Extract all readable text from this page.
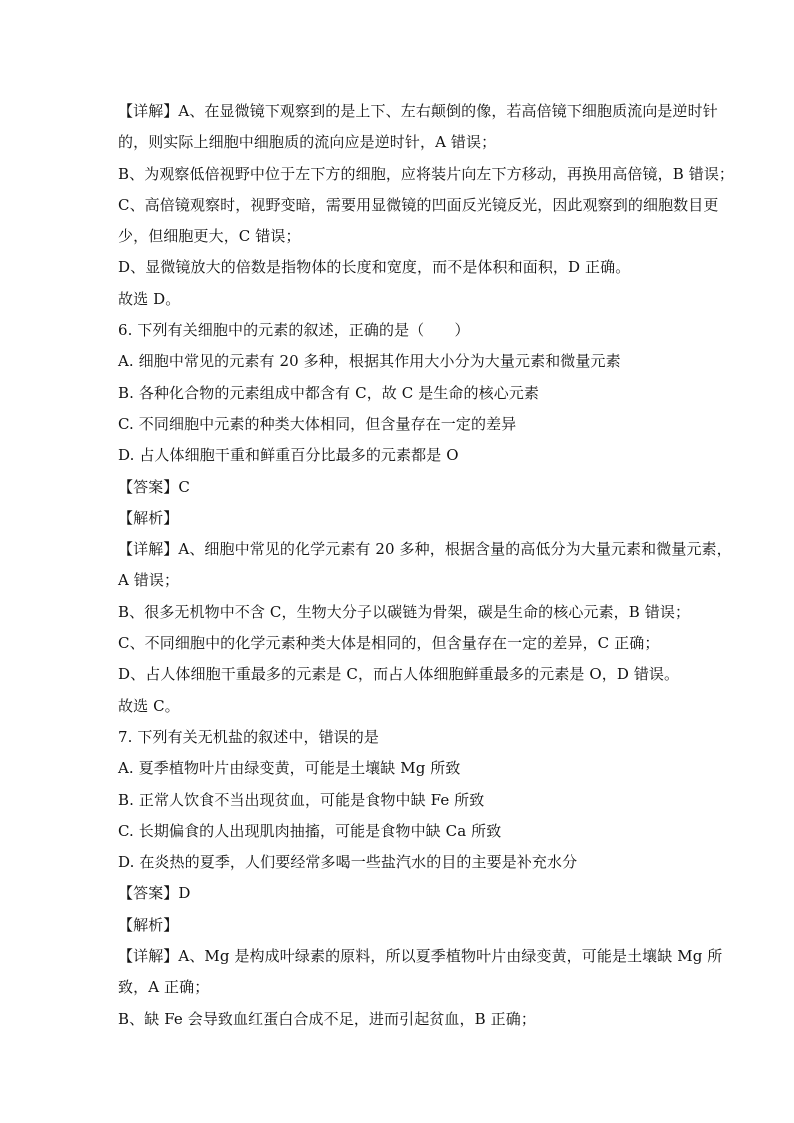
【详解】A、在显微镜下观察到的是上下、左右颠倒的像，若高倍镜下细胞质流向是逆时针
的，则实际上细胞中细胞质的流向应是逆时针，A 错误；
B、为观察低倍视野中位于左下方的细胞，应将装片向左下方移动，再换用高倍镜，B 错误；
C、高倍镜观察时，视野变暗，需要用显微镜的凹面反光镜反光，因此观察到的细胞数目更
少，但细胞更大，C 错误；
D、显微镜放大的倍数是指物体的长度和宽度，而不是体积和面积，D 正确。
故选 D。
6. 下列有关细胞中的元素的叙述，正确的是（　　）
A. 细胞中常见的元素有 20 多种，根据其作用大小分为大量元素和微量元素
B. 各种化合物的元素组成中都含有 C，故 C 是生命的核心元素
C. 不同细胞中元素的种类大体相同，但含量存在一定的差异
D. 占人体细胞干重和鲜重百分比最多的元素都是 O
【答案】C
【解析】
【详解】A、细胞中常见的化学元素有 20 多种，根据含量的高低分为大量元素和微量元素，
A 错误；
B、很多无机物中不含 C，生物大分子以碳链为骨架，碳是生命的核心元素，B 错误；
C、不同细胞中的化学元素种类大体是相同的，但含量存在一定的差异，C 正确；
D、占人体细胞干重最多的元素是 C，而占人体细胞鲜重最多的元素是 O，D 错误。
故选 C。
7. 下列有关无机盐的叙述中，错误的是
A. 夏季植物叶片由绿变黄，可能是土壤缺 Mg 所致
B. 正常人饮食不当出现贫血，可能是食物中缺 Fe 所致
C. 长期偏食的人出现肌肉抽搐，可能是食物中缺 Ca 所致
D. 在炎热的夏季，人们要经常多喝一些盐汽水的目的主要是补充水分
【答案】D
【解析】
【详解】A、Mg 是构成叶绿素的原料，所以夏季植物叶片由绿变黄，可能是土壤缺 Mg 所
致，A 正确；
B、缺 Fe 会导致血红蛋白合成不足，进而引起贫血，B 正确；
